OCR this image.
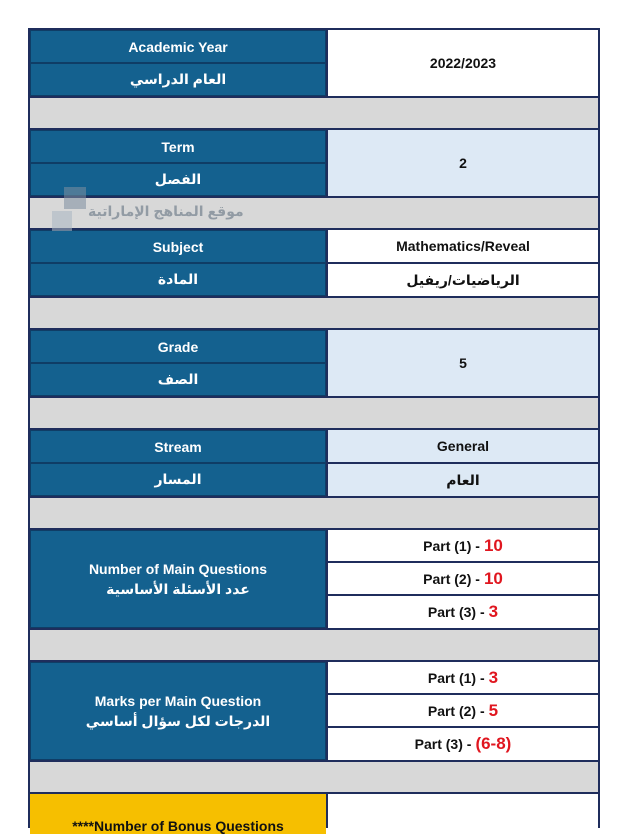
Academic Year
العام الدراسي
2022/2023
Term
الفصل
2
Subject
المادة
Mathematics/Reveal
الرياضيات/ريفيل
Grade
الصف
5
Stream
المسار
General
العام
Number of Main Questions
عدد الأسئلة الأساسية
Part (1) - 10
Part (2) - 10
Part (3) - 3
Marks per Main Question
الدرجات لكل سؤال أساسي
Part (1) - 3
Part (2) - 5
Part (3) - (6-8)
****Number of Bonus Questions
موقع المناهج الإماراتية
